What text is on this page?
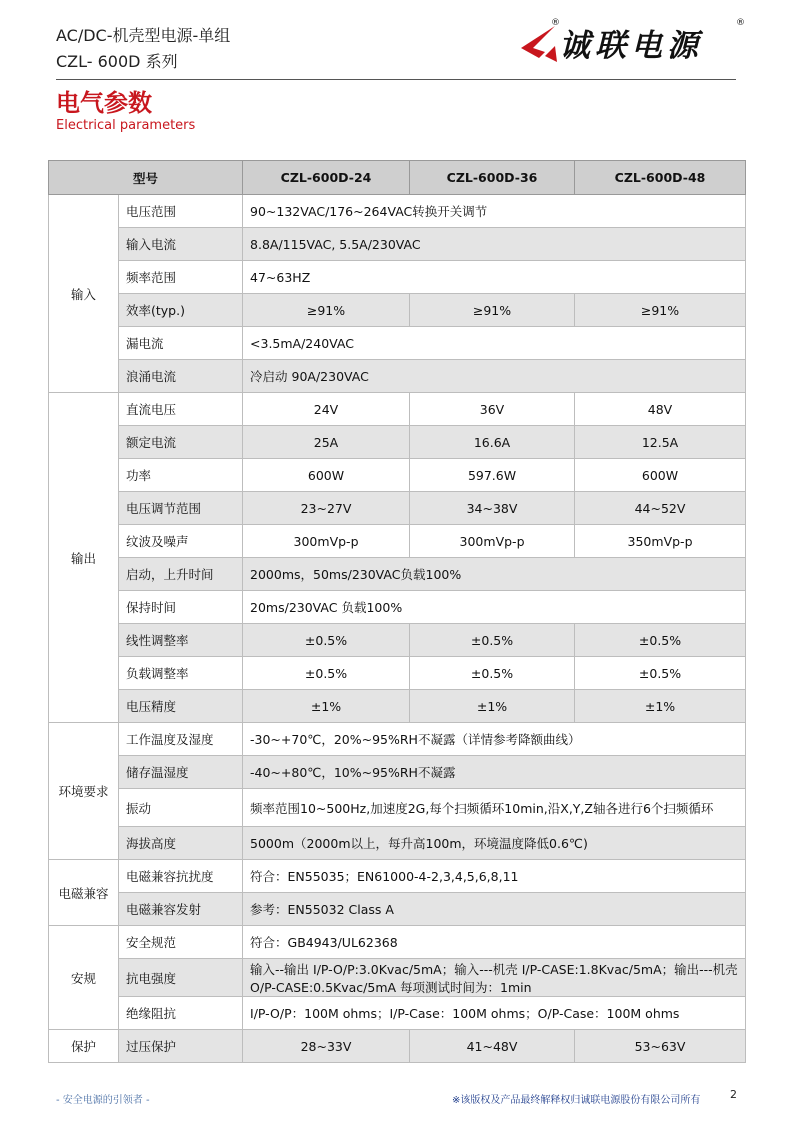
AC/DC-机壳型电源-单组
CZL- 600D 系列
®
诚联电源
®
电气参数
Electrical parameters
型号		CZL-600D-24	CZL-600D-36	CZL-600D-48
输入	电压范围	90~132VAC/176~264VAC转换开关调节		
	输入电流	8.8A/115VAC, 5.5A/230VAC		
	频率范围	47~63HZ		
	效率(typ.)	≥91%	≥91%	≥91%
	漏电流	<3.5mA/240VAC		
	浪涌电流	冷启动 90A/230VAC		
输出	直流电压	24V	36V	48V
	额定电流	25A	16.6A	12.5A
	功率	600W	597.6W	600W
	电压调节范围	23~27V	34~38V	44~52V
	纹波及噪声	300mVp-p	300mVp-p	350mVp-p
	启动，上升时间	2000ms，50ms/230VAC负载100%		
	保持时间	20ms/230VAC 负载100%		
	线性调整率	±0.5%	±0.5%	±0.5%
	负载调整率	±0.5%	±0.5%	±0.5%
	电压精度	±1%	±1%	±1%
环境要求	工作温度及湿度	-30~+70℃，20%~95%RH不凝露（详情参考降额曲线）		
	储存温湿度	-40~+80℃，10%~95%RH不凝露		
	振动	频率范围10~500Hz,加速度2G,每个扫频循环10min,沿X,Y,Z轴各进行6个扫频循环		
	海拔高度	5000m（2000m以上，每升高100m，环境温度降低0.6℃)		
电磁兼容	电磁兼容抗扰度	符合：EN55035；EN61000-4-2,3,4,5,6,8,11		
	电磁兼容发射	参考：EN55032 Class A		
安规	安全规范	符合：GB4943/UL62368		
	抗电强度	输入--输出 I/P-O/P:3.0Kvac/5mA；输入---机壳 I/P-CASE:1.8Kvac/5mA；输出---机壳 O/P-CASE:0.5Kvac/5mA 每项测试时间为：1min		
	绝缘阻抗	I/P-O/P：100M ohms；I/P-Case：100M ohms；O/P-Case：100M ohms		
保护	过压保护	28~33V	41~48V	53~63V
- 安全电源的引领者 -	※该版权及产品最终解释权归诚联电源股份有限公司所有	2
